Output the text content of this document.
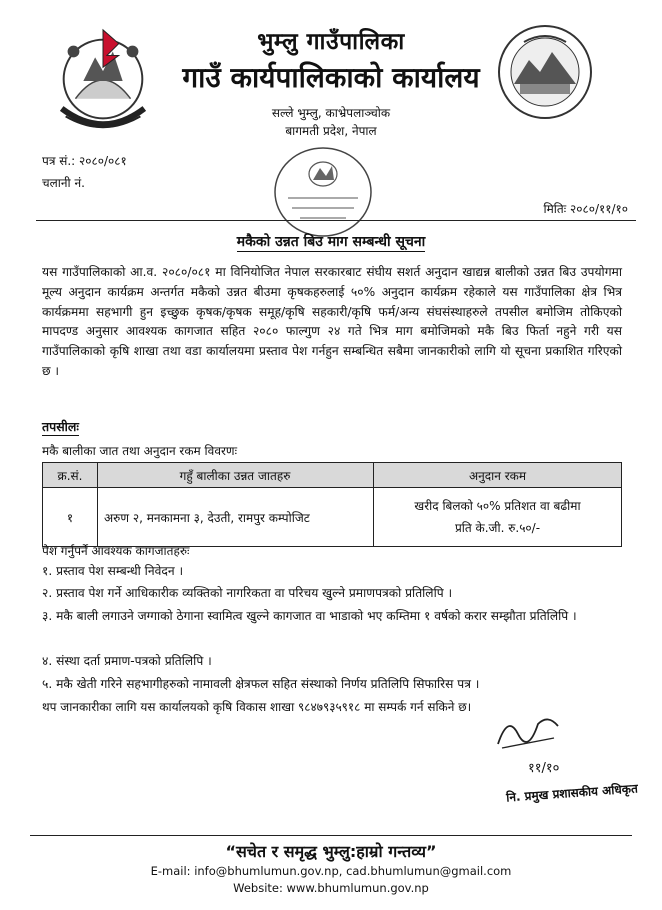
भुम्लु गाउँपालिका
गाउँ कार्यपालिकाको कार्यालय
सल्ले भुम्लु, काभ्रेपलाञ्चोक
बागमती प्रदेश, नेपाल
पत्र सं.: २०८०/०८१
चलानी नं.
मितिः २०८०/११/१०
मकैको उन्नत बिउ माग सम्बन्धी सूचना
यस गाउँपालिकाको आ.व. २०८०/०८१ मा विनियोजित नेपाल सरकारबाट संघीय सशर्त अनुदान खाद्यन्न बालीको उन्नत बिउ उपयोगमा मूल्य अनुदान कार्यक्रम अन्तर्गत मकैको उन्नत बीउमा कृषकहरुलाई ५०% अनुदान कार्यक्रम रहेकाले यस गाउँपालिका क्षेत्र भित्र कार्यक्रममा सहभागी हुन इच्छुक कृषक/कृषक समूह/कृषि सहकारी/कृषि फर्म/अन्य संघसंस्थाहरुले तपसील बमोजिम तोकिएको मापदण्ड अनुसार आवश्यक कागजात सहित २०८० फाल्गुण २४ गते भित्र माग बमोजिमको मकै बिउ फिर्ता नहुने गरी यस गाउँपालिकाको कृषि शाखा तथा वडा कार्यालयमा प्रस्ताव पेश गर्नहुन सम्बन्धित सबैमा जानकारीको लागि यो सूचना प्रकाशित गरिएको छ ।
तपसीलः
मकै बालीका जात तथा अनुदान रकम विवरणः
क्र.सं.	गहुँ बालीका उन्नत जातहरु	अनुदान रकम
१	अरुण २, मनकामना ३, देउती, रामपुर कम्पोजिट	खरीद बिलको ५०% प्रतिशत वा बढीमा
प्रति के.जी. रु.५०/-
पेश गर्नुपर्ने आवश्यक कागजातहरुः
१. प्रस्ताव पेश सम्बन्धी निवेदन ।
२. प्रस्ताव पेश गर्ने आधिकारीक व्यक्तिको नागरिकता वा परिचय खुल्ने प्रमाणपत्रको प्रतिलिपि ।
३. मकै बाली लगाउने जग्गाको ठेगाना स्वामित्व खुल्ने कागजात वा भाडाको भए कम्तिमा १ वर्षको करार सम्झौता प्रतिलिपि ।
४. संस्था दर्ता प्रमाण-पत्रको प्रतिलिपि ।
५. मकै खेती गरिने सहभागीहरुको नामावली क्षेत्रफल सहित संस्थाको निर्णय प्रतिलिपि सिफारिस पत्र ।
थप जानकारीका लागि यस कार्यालयको कृषि विकास शाखा ९८४७९३५९१८ मा सम्पर्क गर्न सकिने छ।
११/१०
नि. प्रमुख प्रशासकीय अधिकृत
“सचेत र समृद्ध भुम्लु:हाम्रो गन्तव्य”
E-mail: info@bhumlumun.gov.np, cad.bhumlumun@gmail.com
Website: www.bhumlumun.gov.np
